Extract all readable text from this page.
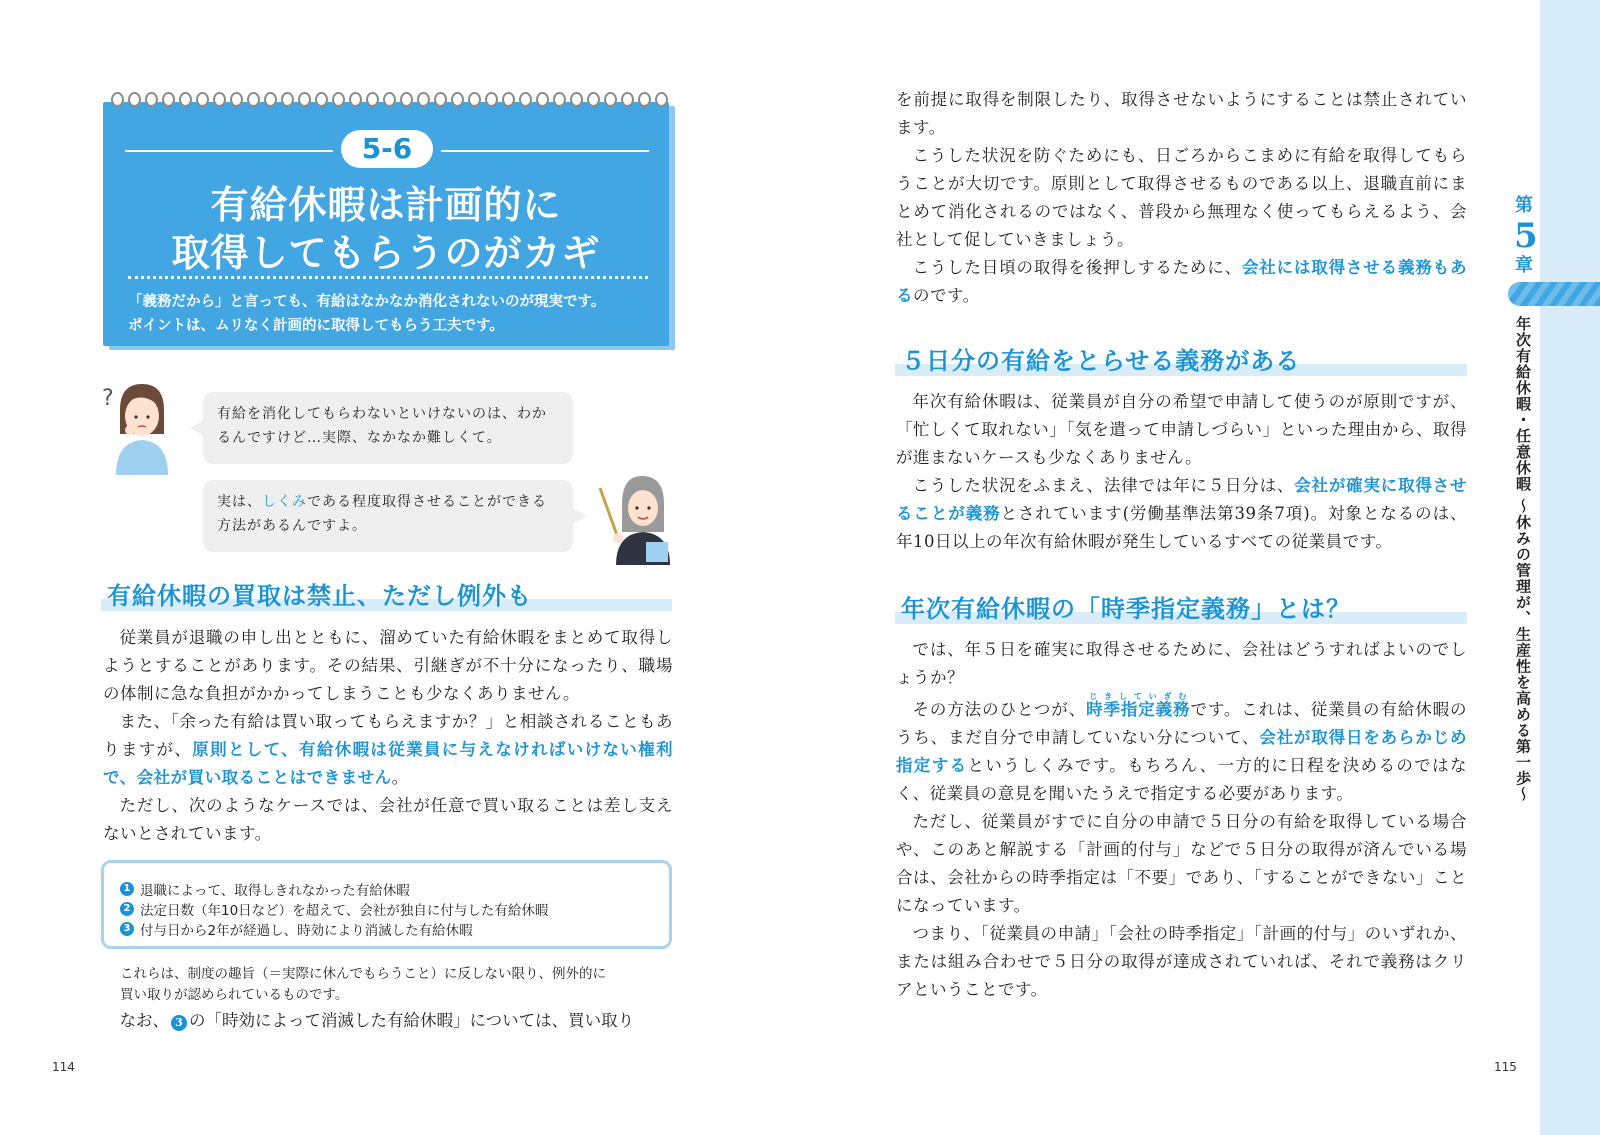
5-6
有給休暇は計画的に
取得してもらうのがカギ
「義務だから」と言っても、有給はなかなか消化されないのが現実です。
ポイントは、ムリなく計画的に取得してもらう工夫です。
?
有給を消化してもらわないといけないのは、わかるんですけど…実際、なかなか難しくて。
実は、しくみである程度取得させることができる方法があるんですよ。
有給休暇の買取は禁止、ただし例外も

従業員が退職の申し出とともに、溜めていた有給休暇をまとめて取得しようとすることがあります。その結果、引継ぎが不十分になったり、職場の体制に急な負担がかかってしまうことも少なくありません。

また、「余った有給は買い取ってもらえますか？」と相談されることもありますが、原則として、有給休暇は従業員に与えなければいけない権利で、会社が買い取ることはできません。

ただし、次のようなケースでは、会社が任意で買い取ることは差し支えないとされています。

1 退職によって、取得しきれなかった有給休暇
2 法定日数（年10日など）を超えて、会社が独自に付与した有給休暇
3 付与日から2年が経過し、時効により消滅した有給休暇
これらは、制度の趣旨（＝実際に休んでもらうこと）に反しない限り、例外的に
買い取りが認められているものです。
なお、 3 の「時効によって消滅した有給休暇」については、買い取り
114

を前提に取得を制限したり、取得させないようにすることは禁止されています。

こうした状況を防ぐためにも、日ごろからこまめに有給を取得してもらうことが大切です。原則として取得させるものである以上、退職直前にまとめて消化されるのではなく、普段から無理なく使ってもらえるよう、会社として促していきましょう。

こうした日頃の取得を後押しするために、会社には取得させる義務もあるのです。

５日分の有給をとらせる義務がある

年次有給休暇は、従業員が自分の希望で申請して使うのが原則ですが、「忙しくて取れない」「気を遣って申請しづらい」といった理由から、取得が進まないケースも少なくありません。

こうした状況をふまえ、法律では年に５日分は、会社が確実に取得させることが義務とされています(労働基準法第39条7項)。対象となるのは、年10日以上の年次有給休暇が発生しているすべての従業員です。

年次有給休暇の「時季指定義務」とは？

では、年５日を確実に取得させるために、会社はどうすればよいのでしょうか？

その方法のひとつが、時季指定義務じきしていぎむです。これは、従業員の有給休暇のうち、まだ自分で申請していない分について、会社が取得日をあらかじめ指定するというしくみです。もちろん、一方的に日程を決めるのではなく、従業員の意見を聞いたうえで指定する必要があります。

ただし、従業員がすでに自分の申請で５日分の有給を取得している場合や、このあと解説する「計画的付与」などで５日分の取得が済んでいる場合は、会社からの時季指定は「不要」であり、「することができない」ことになっています。

つまり、「従業員の申請」「会社の時季指定」「計画的付与」のいずれか、または組み合わせで５日分の取得が達成されていれば、それで義務はクリアということです。

115
第
5
章
年次有給休暇・任意休暇 〜休みの管理が、生産性を高める第一歩〜
